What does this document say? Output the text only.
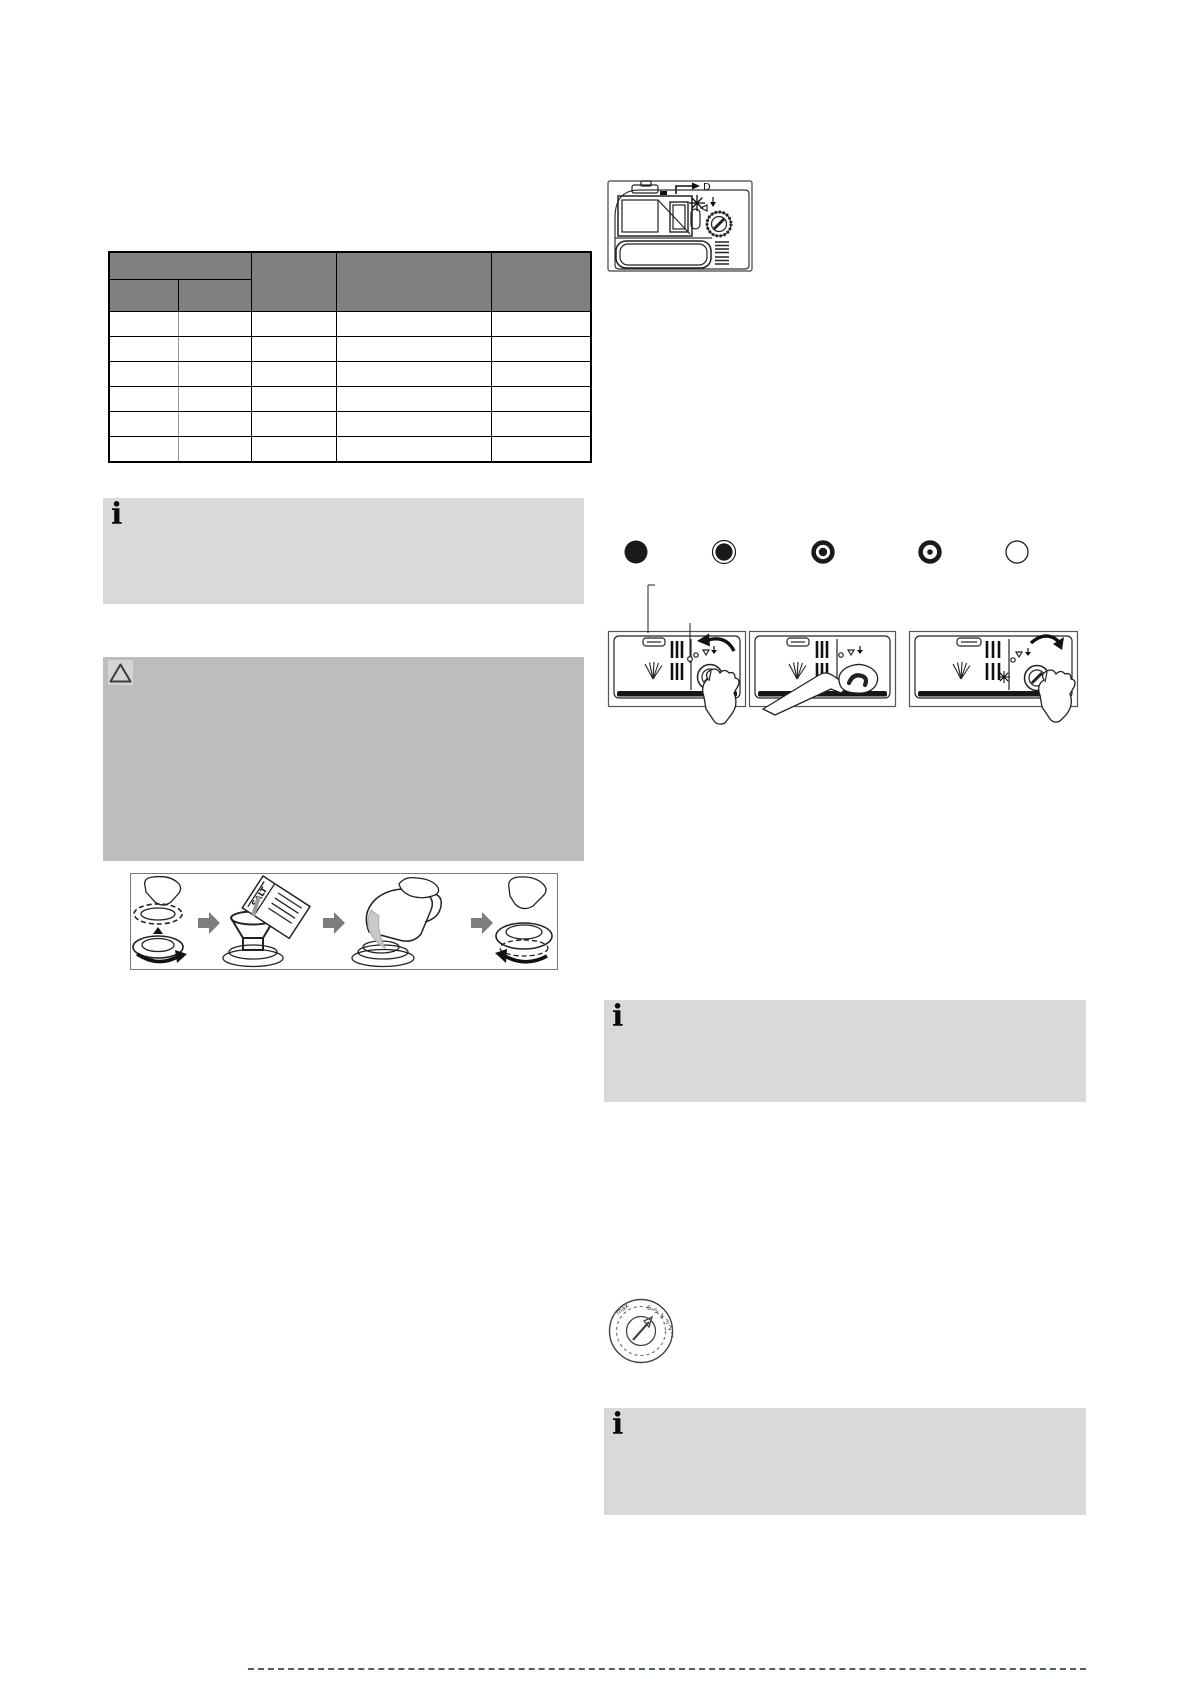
D
i
SALT
i
max	6 5
4
3
2
1
i
